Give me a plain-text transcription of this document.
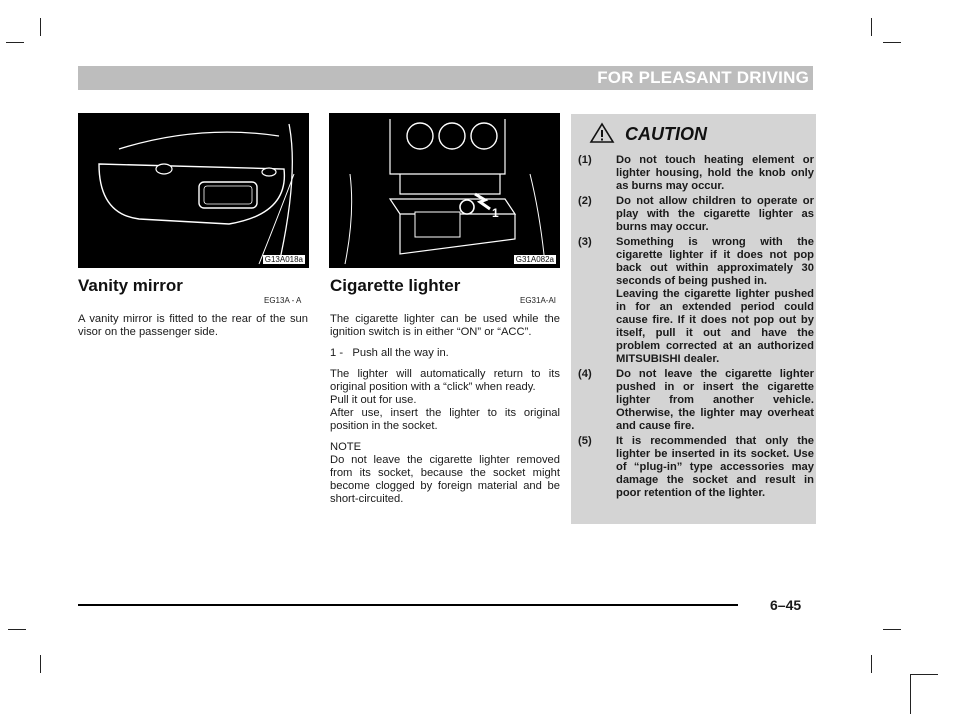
FOR PLEASANT DRIVING
G13A018a
1
G31A082a
Vanity mirror
EG13A - A

A vanity mirror is fitted to the rear of the sun visor on the passenger side.

Cigarette lighter
EG31A-AI

The cigarette lighter can be used while the ignition switch is in either “ON” or “ACC”.

1 -   Push all the way in.

The lighter will automatically return to its original position with a “click” when ready.

Pull it out for use.

After use, insert the lighter to its original position in the socket.

NOTE

Do not leave the cigarette lighter removed from its socket, because the socket might become clogged by foreign material and be short-circuited.

CAUTION
(1) Do not touch heating element or lighter housing, hold the knob only as burns may occur.
(2) Do not allow children to operate or play with the cigarette lighter as burns may occur.
(3) Something is wrong with the cigarette lighter if it does not pop back out within approximately 30 seconds of being pushed in.
Leaving the cigarette lighter pushed in for an extended period could cause fire. If it does not pop out by itself, pull it out and have the problem corrected at an authorized MITSUBISHI dealer.
(4) Do not leave the cigarette lighter pushed in or insert the cigarette lighter from another vehicle. Otherwise, the lighter may overheat and cause fire.
(5) It is recommended that only the lighter be inserted in its socket. Use of “plug-in” type accessories may damage the socket and result in poor retention of the lighter.
6–45
